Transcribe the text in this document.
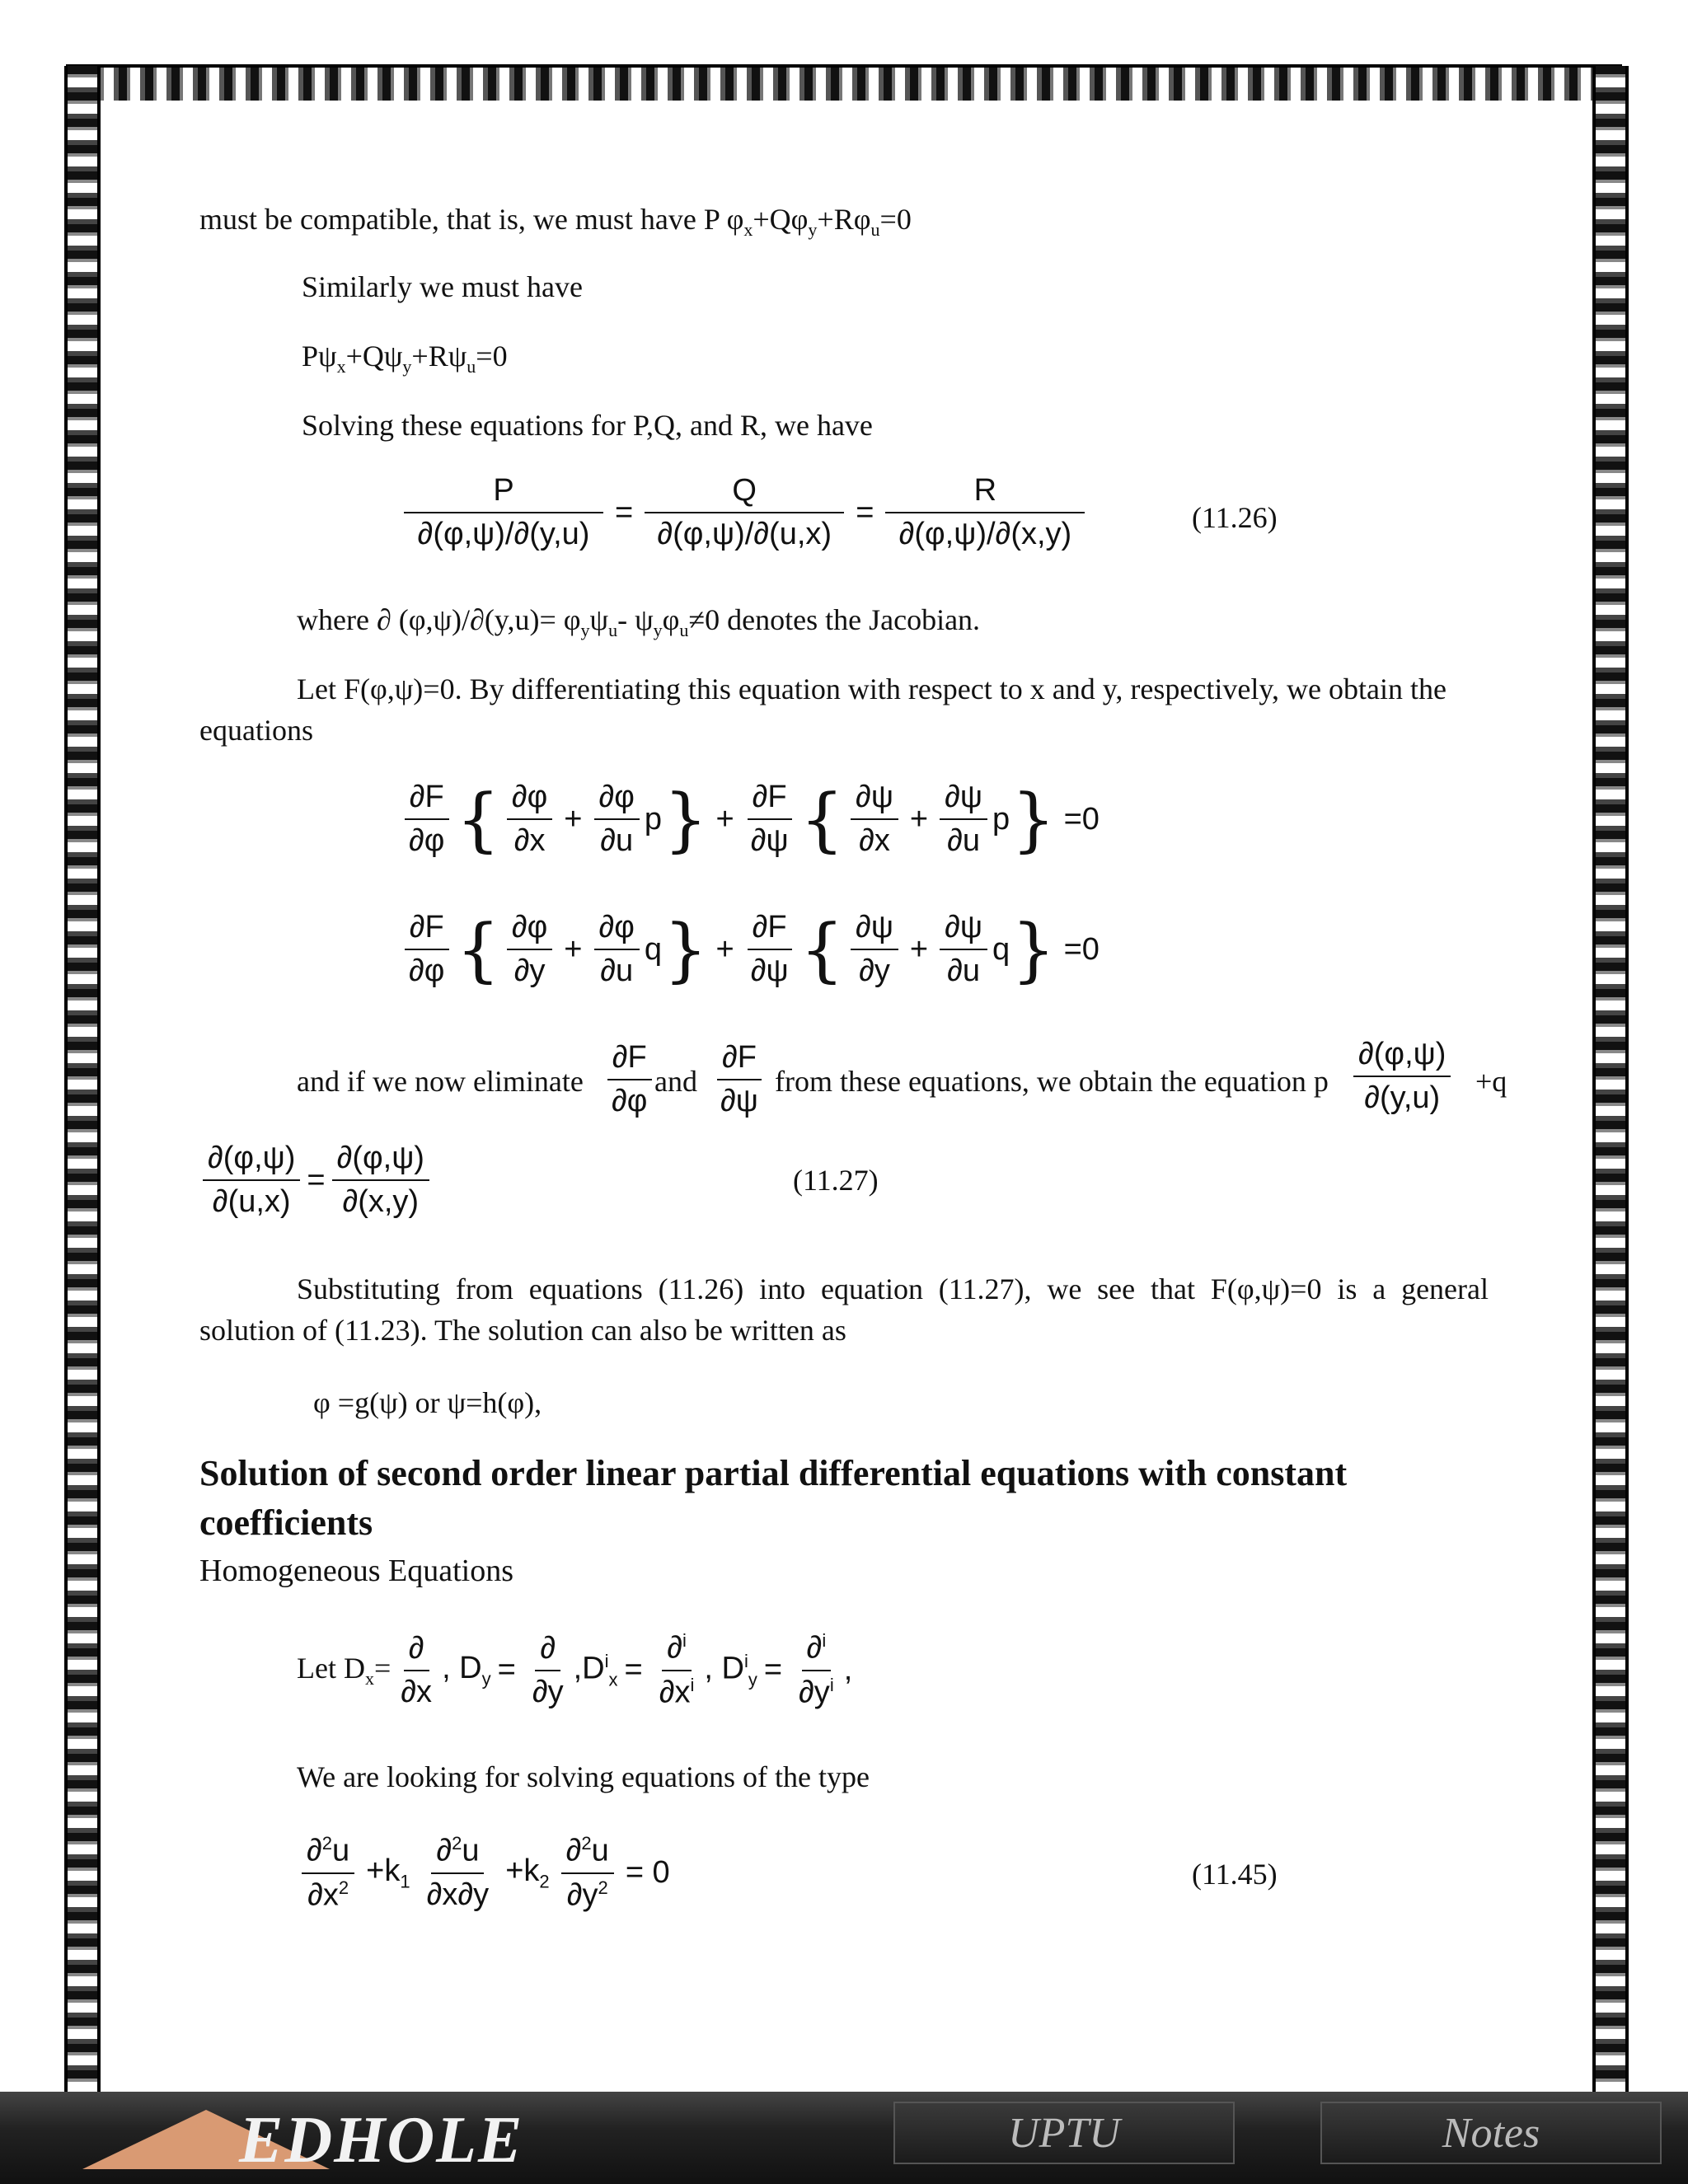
must be compatible, that is, we must have P $\varphi_x+Q\varphi_y+R\varphi_u=0$
Similarly we must have
$P\psi_x+Q\psi_y+R\psi_u=0$
Solving these equations for P,Q, and R, we have
$\frac{P}{\partial(\varphi,\psi)/\partial(y,u)} = \frac{Q}{\partial(\varphi,\psi)/\partial(u,x)} = \frac{R}{\partial(\varphi,\psi)/\partial(x,y)}$	(11.26)
where ∂ $(\varphi,\psi)/\partial(y,u)= \varphi_y\psi_u-$ $\psi_y\varphi_u\ne 0$ denotes the Jacobian.
Let F(φ,ψ)=0. By differentiating this equation with respect to x and y, respectively, we obtain the
equations
$\frac{\partial F}{\partial\varphi}$ { $\frac{\partial\varphi}{\partial x} + \frac{\partial\varphi}{\partial u}$ p } + $\frac{\partial F}{\partial\psi}$ { $\frac{\partial\psi}{\partial x} + \frac{\partial\psi}{\partial u}$ p } =0
$\frac{\partial F}{\partial\varphi}$ { $\frac{\partial\varphi}{\partial y} + \frac{\partial\varphi}{\partial u}$ q } + $\frac{\partial F}{\partial\psi}$ { $\frac{\partial\psi}{\partial y} + \frac{\partial\psi}{\partial u}$ q } =0
and if we now eliminate $\frac{\partial F}{\partial\varphi}$ and $\frac{\partial F}{\partial\psi}$ from these equations, we obtain the equation p $\frac{\partial(\varphi,\psi)}{\partial(y,u)} +q$
$\frac{\partial(\varphi,\psi)}{\partial(u,x)} = \frac{\partial(\varphi,\psi)}{\partial(x,y)}$	(11.27)
Substituting from equations (11.26) into equation (11.27), we see that F(φ,ψ)=0 is a general
solution of (11.23). The solution can also be written as
φ =g(ψ) or ψ=h(φ),
Solution of second order linear partial differential equations with constant coefficients
Homogeneous Equations
Let $D_x= \frac{\partial}{\partial x}$ , $D_y = \frac{\partial}{\partial y} ,D^i_x = \frac{\partial^i}{\partial x^i}$ , $D^i_y = \frac{\partial^i}{\partial y^i}$ ,
We are looking for solving equations of the type
$\frac{\partial^2u}{\partial x^2} +k_1 \frac{\partial^2u}{\partial x\partial y} +k_2 \frac{\partial^2u}{\partial y^2} = 0$	(11.45)
EDHOLE	UPTU	Notes
